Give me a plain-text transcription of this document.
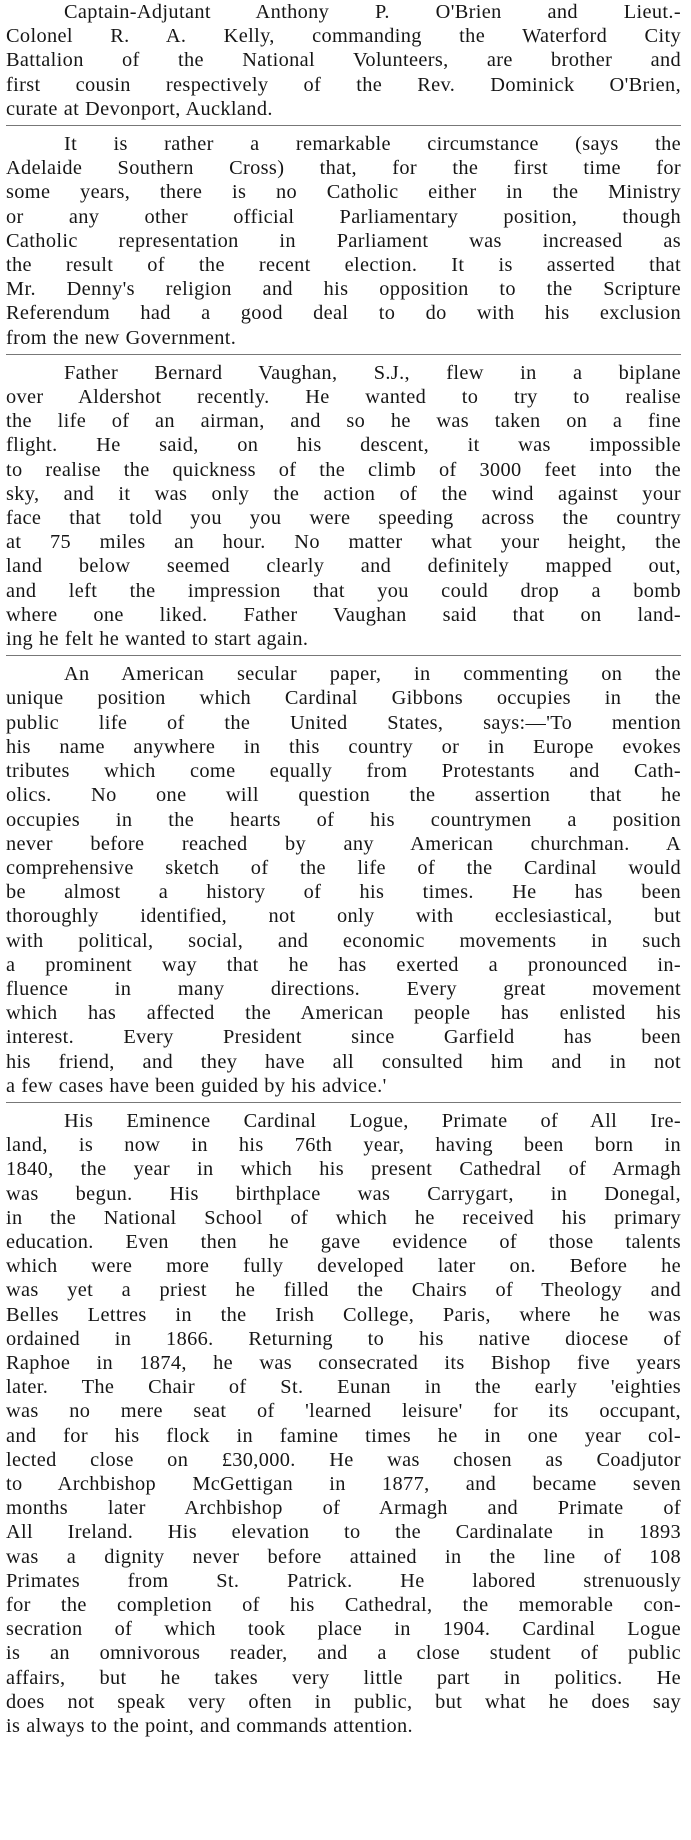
Captain-Adjutant Anthony P. O'Brien and Lieut.-
Colonel R. A. Kelly, commanding the Waterford City
Battalion of the National Volunteers, are brother and
first cousin respectively of the Rev. Dominick O'Brien,
curate at Devonport, Auckland.

It is rather a remarkable circumstance (says the
Adelaide Southern Cross) that, for the first time for
some years, there is no Catholic either in the Ministry
or any other official Parliamentary position, though
Catholic representation in Parliament was increased as
the result of the recent election. It is asserted that
Mr. Denny's religion and his opposition to the Scripture
Referendum had a good deal to do with his exclusion
from the new Government.

Father Bernard Vaughan, S.J., flew in a biplane
over Aldershot recently. He wanted to try to realise
the life of an airman, and so he was taken on a fine
flight. He said, on his descent, it was impossible
to realise the quickness of the climb of 3000 feet into the
sky, and it was only the action of the wind against your
face that told you you were speeding across the country
at 75 miles an hour. No matter what your height, the
land below seemed clearly and definitely mapped out,
and left the impression that you could drop a bomb
where one liked. Father Vaughan said that on land-
ing he felt he wanted to start again.

An American secular paper, in commenting on the
unique position which Cardinal Gibbons occupies in the
public life of the United States, says:—'To mention
his name anywhere in this country or in Europe evokes
tributes which come equally from Protestants and Cath-
olics. No one will question the assertion that he
occupies in the hearts of his countrymen a position
never before reached by any American churchman. A
comprehensive sketch of the life of the Cardinal would
be almost a history of his times. He has been
thoroughly identified, not only with ecclesiastical, but
with political, social, and economic movements in such
a prominent way that he has exerted a pronounced in-
fluence in many directions. Every great movement
which has affected the American people has enlisted his
interest. Every President since Garfield has been
his friend, and they have all consulted him and in not
a few cases have been guided by his advice.'

His Eminence Cardinal Logue, Primate of All Ire-
land, is now in his 76th year, having been born in
1840, the year in which his present Cathedral of Armagh
was begun. His birthplace was Carrygart, in Donegal,
in the National School of which he received his primary
education. Even then he gave evidence of those talents
which were more fully developed later on. Before he
was yet a priest he filled the Chairs of Theology and
Belles Lettres in the Irish College, Paris, where he was
ordained in 1866. Returning to his native diocese of
Raphoe in 1874, he was consecrated its Bishop five years
later. The Chair of St. Eunan in the early 'eighties
was no mere seat of 'learned leisure' for its occupant,
and for his flock in famine times he in one year col-
lected close on £30,000. He was chosen as Coadjutor
to Archbishop McGettigan in 1877, and became seven
months later Archbishop of Armagh and Primate of
All Ireland. His elevation to the Cardinalate in 1893
was a dignity never before attained in the line of 108
Primates from St. Patrick. He labored strenuously
for the completion of his Cathedral, the memorable con-
secration of which took place in 1904. Cardinal Logue
is an omnivorous reader, and a close student of public
affairs, but he takes very little part in politics. He
does not speak very often in public, but what he does say
is always to the point, and commands attention.
